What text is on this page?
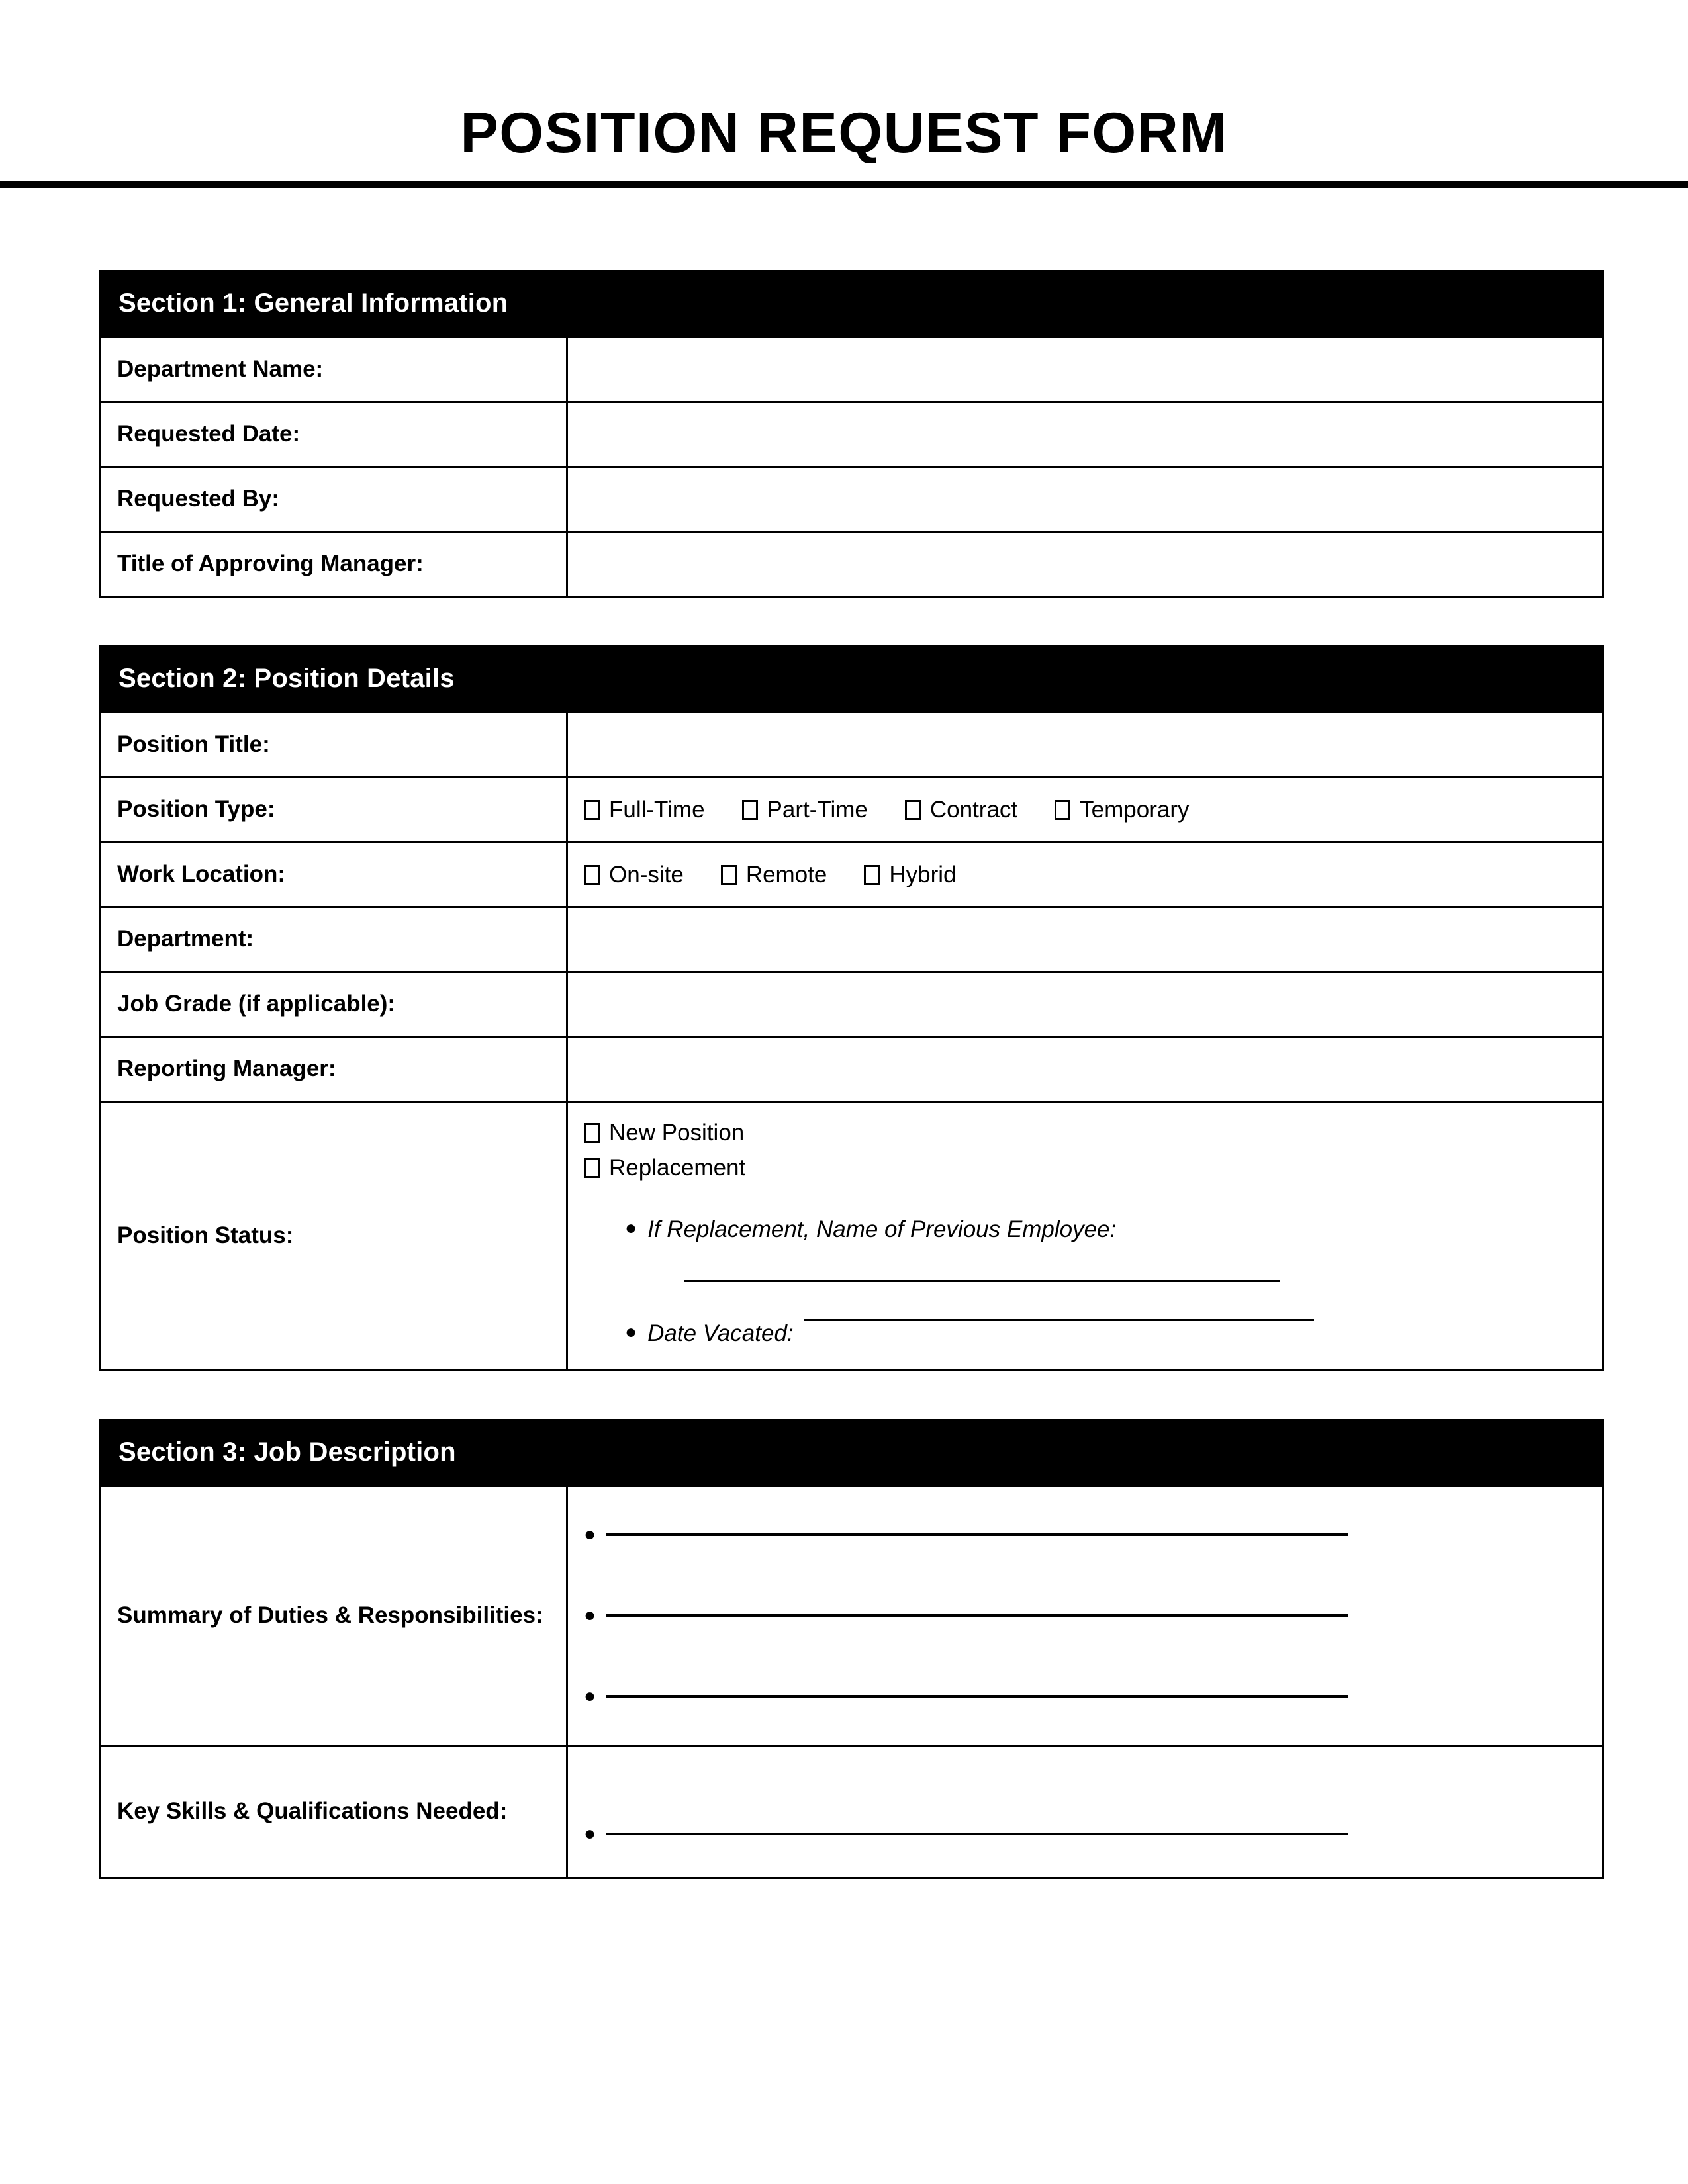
POSITION REQUEST FORM
Section 1: General Information	
Department Name:	
Requested Date:	
Requested By:	
Title of Approving Manager:	
Section 2: Position Details	
Position Title:	
Position Type:	Full-Time Part-Time Contract Temporary

Work Location:	On-site Remote Hybrid

Department:	
Job Grade (if applicable):	
Reporting Manager:	
Position Status:	
New Position
Replacement
● If Replacement, Name of Previous Employee:
● Date Vacated:
Section 3: Job Description	
Summary of Duties & Responsibilities:	●
●
●

Key Skills & Qualifications Needed:	●
